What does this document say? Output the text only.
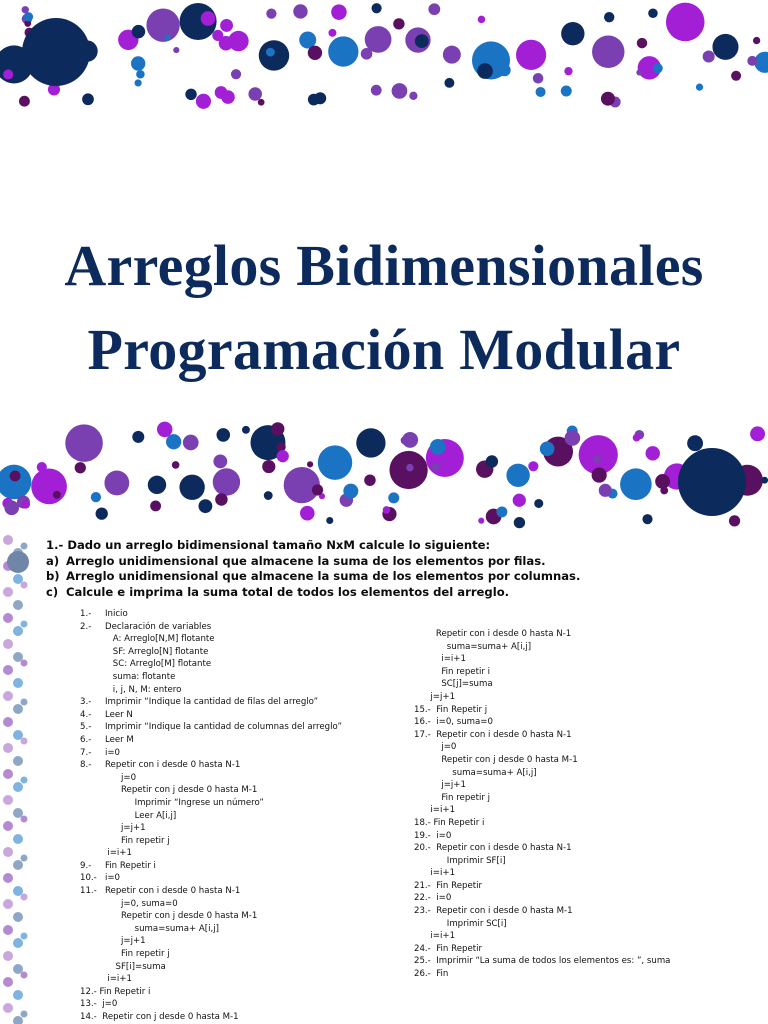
Arreglos Bidimensionales
Programación Modular
1.- Dado un arreglo bidimensional tamaño NxM calcule lo siguiente:
a) Arreglo unidimensional que almacene la suma de los elementos por filas.
b) Arreglo unidimensional que almacene la suma de los elementos por columnas.
c) Calcule e imprima la suma total de todos los elementos del arreglo.
1.-     Inicio
2.-     Declaración de variables
A: Arreglo[N,M] flotante
SF: Arreglo[N] flotante
SC: Arreglo[M] flotante
suma: flotante
i, j, N, M: entero
3.-     Imprimir “Indique la cantidad de filas del arreglo”
4.-     Leer N
5.-     Imprimir “Indique la cantidad de columnas del arreglo”
6.-     Leer M
7.-     i=0
8.-     Repetir con i desde 0 hasta N-1
j=0
Repetir con j desde 0 hasta M-1
Imprimir “Ingrese un número”
Leer A[i,j]
j=j+1
Fin repetir j
i=i+1
9.-     Fin Repetir i
10.-   i=0
11.-   Repetir con i desde 0 hasta N-1
j=0, suma=0
Repetir con j desde 0 hasta M-1
suma=suma+ A[i,j]
j=j+1
Fin repetir j
SF[i]=suma
i=i+1
12.- Fin Repetir i
13.-  j=0
14.-  Repetir con j desde 0 hasta M-1
Repetir con i desde 0 hasta N-1
suma=suma+ A[i,j]
i=i+1
Fin repetir i
SC[j]=suma
j=j+1
15.-  Fin Repetir j
16.-  i=0, suma=0
17.-  Repetir con i desde 0 hasta N-1
j=0
Repetir con j desde 0 hasta M-1
suma=suma+ A[i,j]
j=j+1
Fin repetir j
i=i+1
18.- Fin Repetir i
19.-  i=0
20.-  Repetir con i desde 0 hasta N-1
Imprimir SF[i]
i=i+1
21.-  Fin Repetir
22.-  i=0
23.-  Repetir con i desde 0 hasta M-1
Imprimir SC[i]
i=i+1
24.-  Fin Repetir
25.-  Imprimir “La suma de todos los elementos es: ”, suma
26.-  Fin
